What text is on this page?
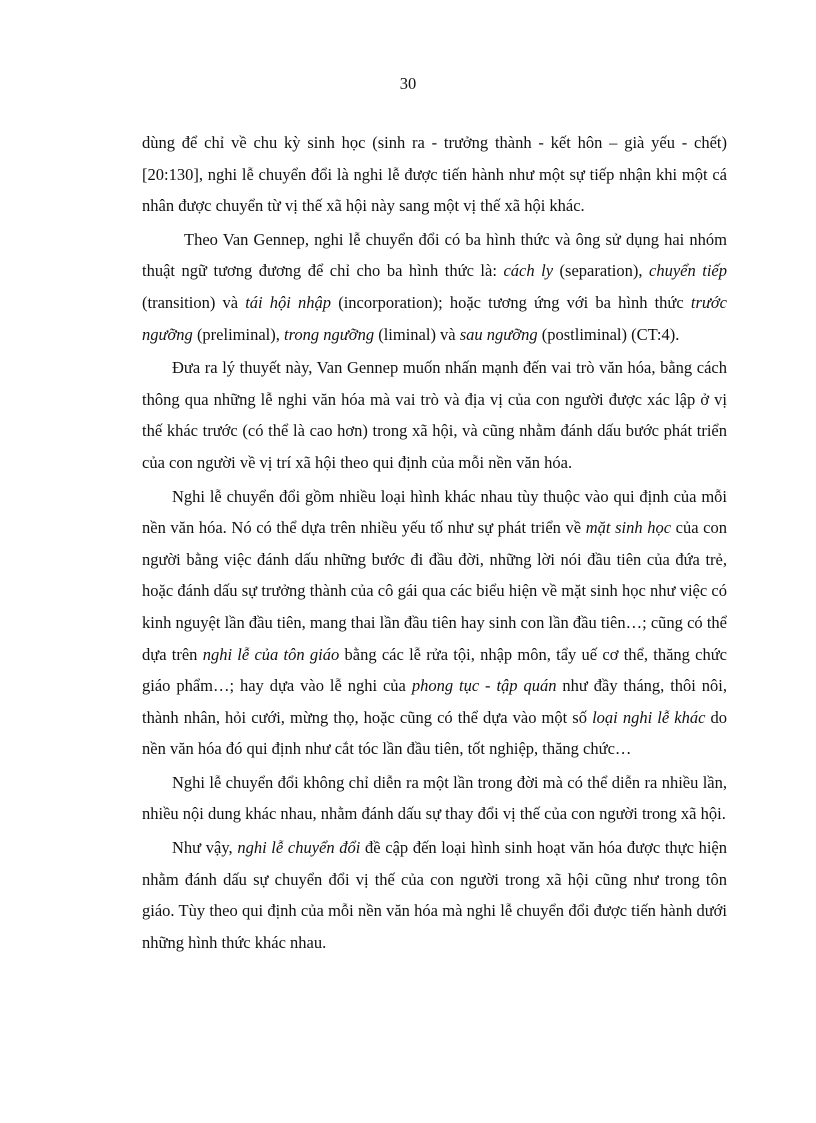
30

dùng để chỉ về chu kỳ sinh học (sinh ra - trưởng thành - kết hôn – già yếu - chết) [20:130], nghi lễ chuyển đổi là nghi lễ được tiến hành như một sự tiếp nhận khi một cá nhân được chuyển từ vị thế xã hội này sang một vị thế xã hội khác.

Theo Van Gennep, nghi lễ chuyển đổi có ba hình thức và ông sử dụng hai nhóm thuật ngữ tương đương để chỉ cho ba hình thức là: cách ly (separation), chuyển tiếp (transition) và tái hội nhập (incorporation); hoặc tương ứng với ba hình thức trước ngưỡng (preliminal), trong ngưỡng (liminal) và sau ngưỡng (postliminal) (CT:4).

Đưa ra lý thuyết này, Van Gennep muốn nhấn mạnh đến vai trò văn hóa, bằng cách thông qua những lễ nghi văn hóa mà vai trò và địa vị của con người được xác lập ở vị thế khác trước (có thể là cao hơn) trong xã hội, và cũng nhằm đánh dấu bước phát triển của con người về vị trí xã hội theo qui định của mỗi nền văn hóa.

Nghi lễ chuyển đổi gồm nhiều loại hình khác nhau tùy thuộc vào qui định của mỗi nền văn hóa. Nó có thể dựa trên nhiều yếu tố như sự phát triển về mặt sinh học của con người bằng việc đánh dấu những bước đi đầu đời, những lời nói đầu tiên của đứa trẻ, hoặc đánh dấu sự trưởng thành của cô gái qua các biểu hiện về mặt sinh học như việc có kinh nguyệt lần đầu tiên, mang thai lần đầu tiên hay sinh con lần đầu tiên…; cũng có thể dựa trên nghi lễ của tôn giáo bằng các lễ rửa tội, nhập môn, tẩy uế cơ thể, thăng chức giáo phẩm…; hay dựa vào lễ nghi của phong tục - tập quán như đầy tháng, thôi nôi, thành nhân, hỏi cưới, mừng thọ, hoặc cũng có thể dựa vào một số loại nghi lễ khác do nền văn hóa đó qui định như cắt tóc lần đầu tiên, tốt nghiệp, thăng chức…

Nghi lễ chuyển đổi không chỉ diễn ra một lần trong đời mà có thể diễn ra nhiều lần, nhiều nội dung khác nhau, nhằm đánh dấu sự thay đổi vị thế của con người trong xã hội.

Như vậy, nghi lễ chuyển đổi đề cập đến loại hình sinh hoạt văn hóa được thực hiện nhằm đánh dấu sự chuyển đổi vị thế của con người trong xã hội cũng như trong tôn giáo. Tùy theo qui định của mỗi nền văn hóa mà nghi lễ chuyển đổi được tiến hành dưới những hình thức khác nhau.
